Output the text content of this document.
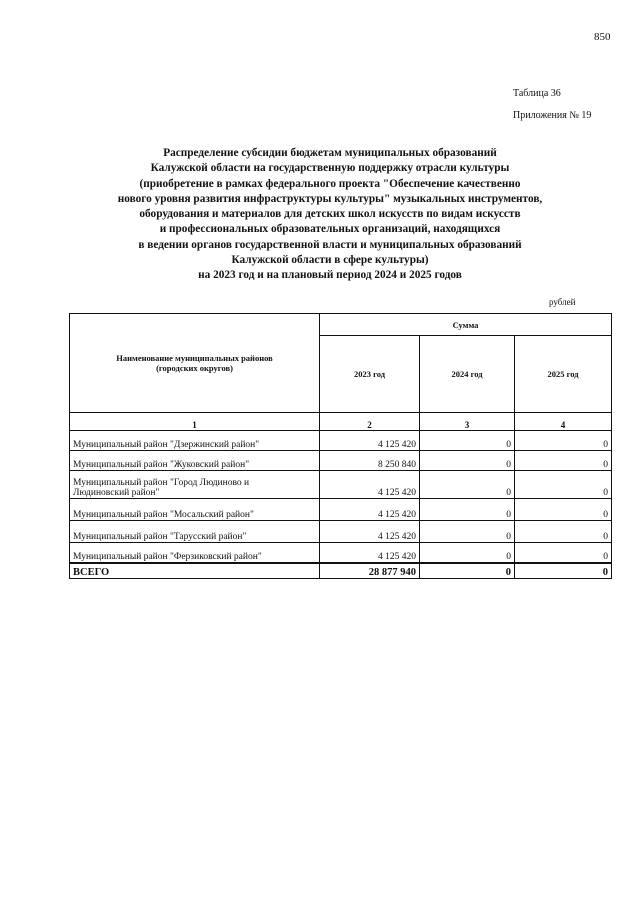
850
Таблица 36
Приложения № 19
Распределение субсидии бюджетам муниципальных образований
Калужской области на государственную поддержку отрасли культуры
(приобретение в рамках федерального проекта "Обеспечение качественно
нового уровня развития инфраструктуры культуры" музыкальных инструментов,
оборудования и материалов для детских школ искусств по видам искусств
и профессиональных образовательных организаций, находящихся
в ведении органов государственной власти и муниципальных образований
Калужской области в сфере культуры)
на 2023 год и на плановый период 2024 и 2025 годов
рублей
Наименование муниципальных районов (городских округов)	Сумма		
	2023 год	2024 год	2025 год
1	2	3	4
Муниципальный район "Дзержинский район"	4 125 420	0	0
Муниципальный район "Жуковский район"	8 250 840	0	0
Муниципальный район "Город Людиново и Людиновский район"	4 125 420	0	0
Муниципальный район "Мосальский район"	4 125 420	0	0
Муниципальный район "Тарусский район"	4 125 420	0	0
Муниципальный район "Ферзиковский район"	4 125 420	0	0
ВСЕГО	28 877 940	0	0
